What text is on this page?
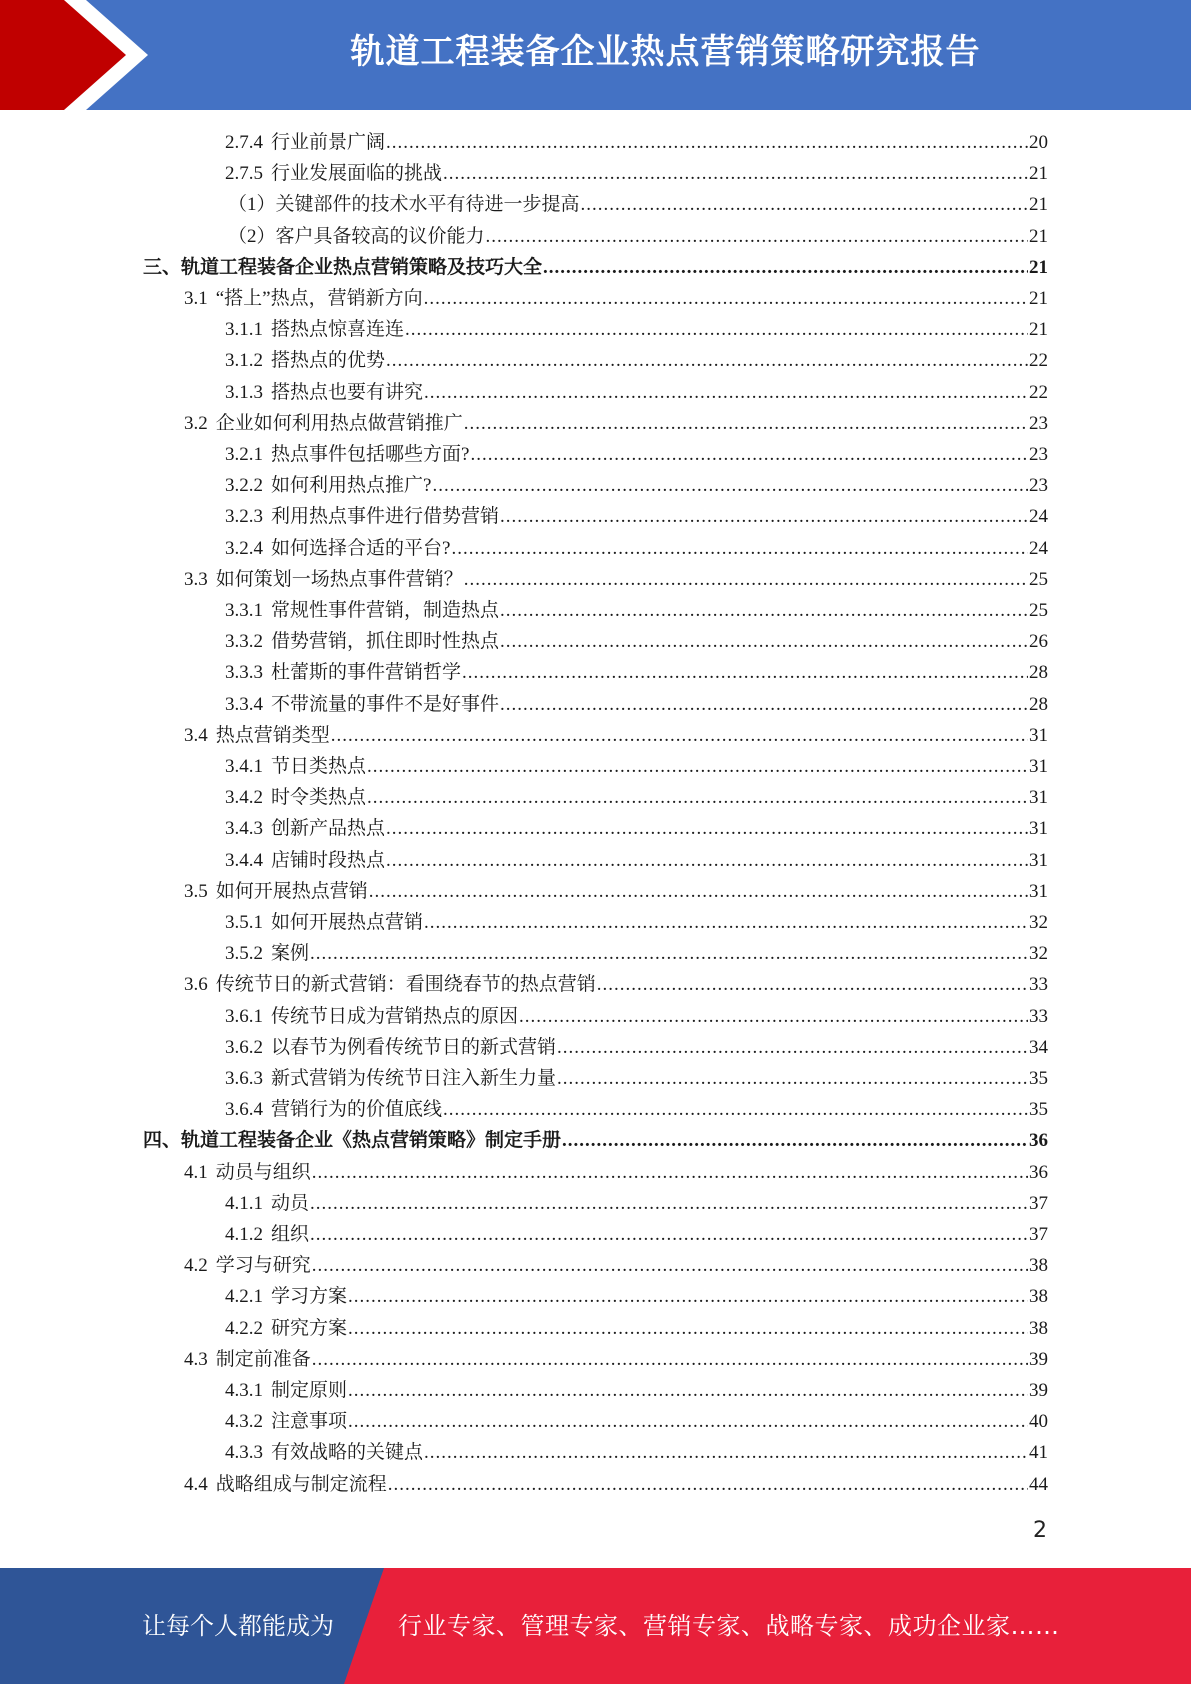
轨道工程装备企业热点营销策略研究报告
2.7.4 行业前景广阔 .....	20
2.7.5 行业发展面临的挑战 .....	21
（1）关键部件的技术水平有待进一步提高 .....	21
（2）客户具备较高的议价能力 .....	21
三、轨道工程装备企业热点营销策略及技巧大全 .....	21
3.1 “搭上”热点，营销新方向 .....	21
3.1.1 搭热点惊喜连连 .....	21
3.1.2 搭热点的优势 .....	22
3.1.3 搭热点也要有讲究 .....	22
3.2 企业如何利用热点做营销推广 .....	23
3.2.1 热点事件包括哪些方面? .....	23
3.2.2 如何利用热点推广? .....	23
3.2.3 利用热点事件进行借势营销 .....	24
3.2.4 如何选择合适的平台? .....	24
3.3 如何策划一场热点事件营销？ .....	25
3.3.1 常规性事件营销，制造热点 .....	25
3.3.2 借势营销，抓住即时性热点 .....	26
3.3.3 杜蕾斯的事件营销哲学 .....	28
3.3.4 不带流量的事件不是好事件 .....	28
3.4 热点营销类型 .....	31
3.4.1 节日类热点 .....	31
3.4.2 时令类热点 .....	31
3.4.3 创新产品热点 .....	31
3.4.4 店铺时段热点 .....	31
3.5 如何开展热点营销 .....	31
3.5.1 如何开展热点营销 .....	32
3.5.2 案例 .....	32
3.6 传统节日的新式营销：看围绕春节的热点营销 .....	33
3.6.1 传统节日成为营销热点的原因 .....	33
3.6.2 以春节为例看传统节日的新式营销 .....	34
3.6.3 新式营销为传统节日注入新生力量 .....	35
3.6.4 营销行为的价值底线 .....	35
四、轨道工程装备企业《热点营销策略》制定手册 .....	36
4.1 动员与组织 .....	36
4.1.1 动员 .....	37
4.1.2 组织 .....	37
4.2 学习与研究 .....	38
4.2.1 学习方案 .....	38
4.2.2 研究方案 .....	38
4.3 制定前准备 .....	39
4.3.1 制定原则 .....	39
4.3.2 注意事项 .....	40
4.3.3 有效战略的关键点 .....	41
4.4 战略组成与制定流程 .....	44
2
让每个人都能成为	行业专家、管理专家、营销专家、战略专家、成功企业家……
